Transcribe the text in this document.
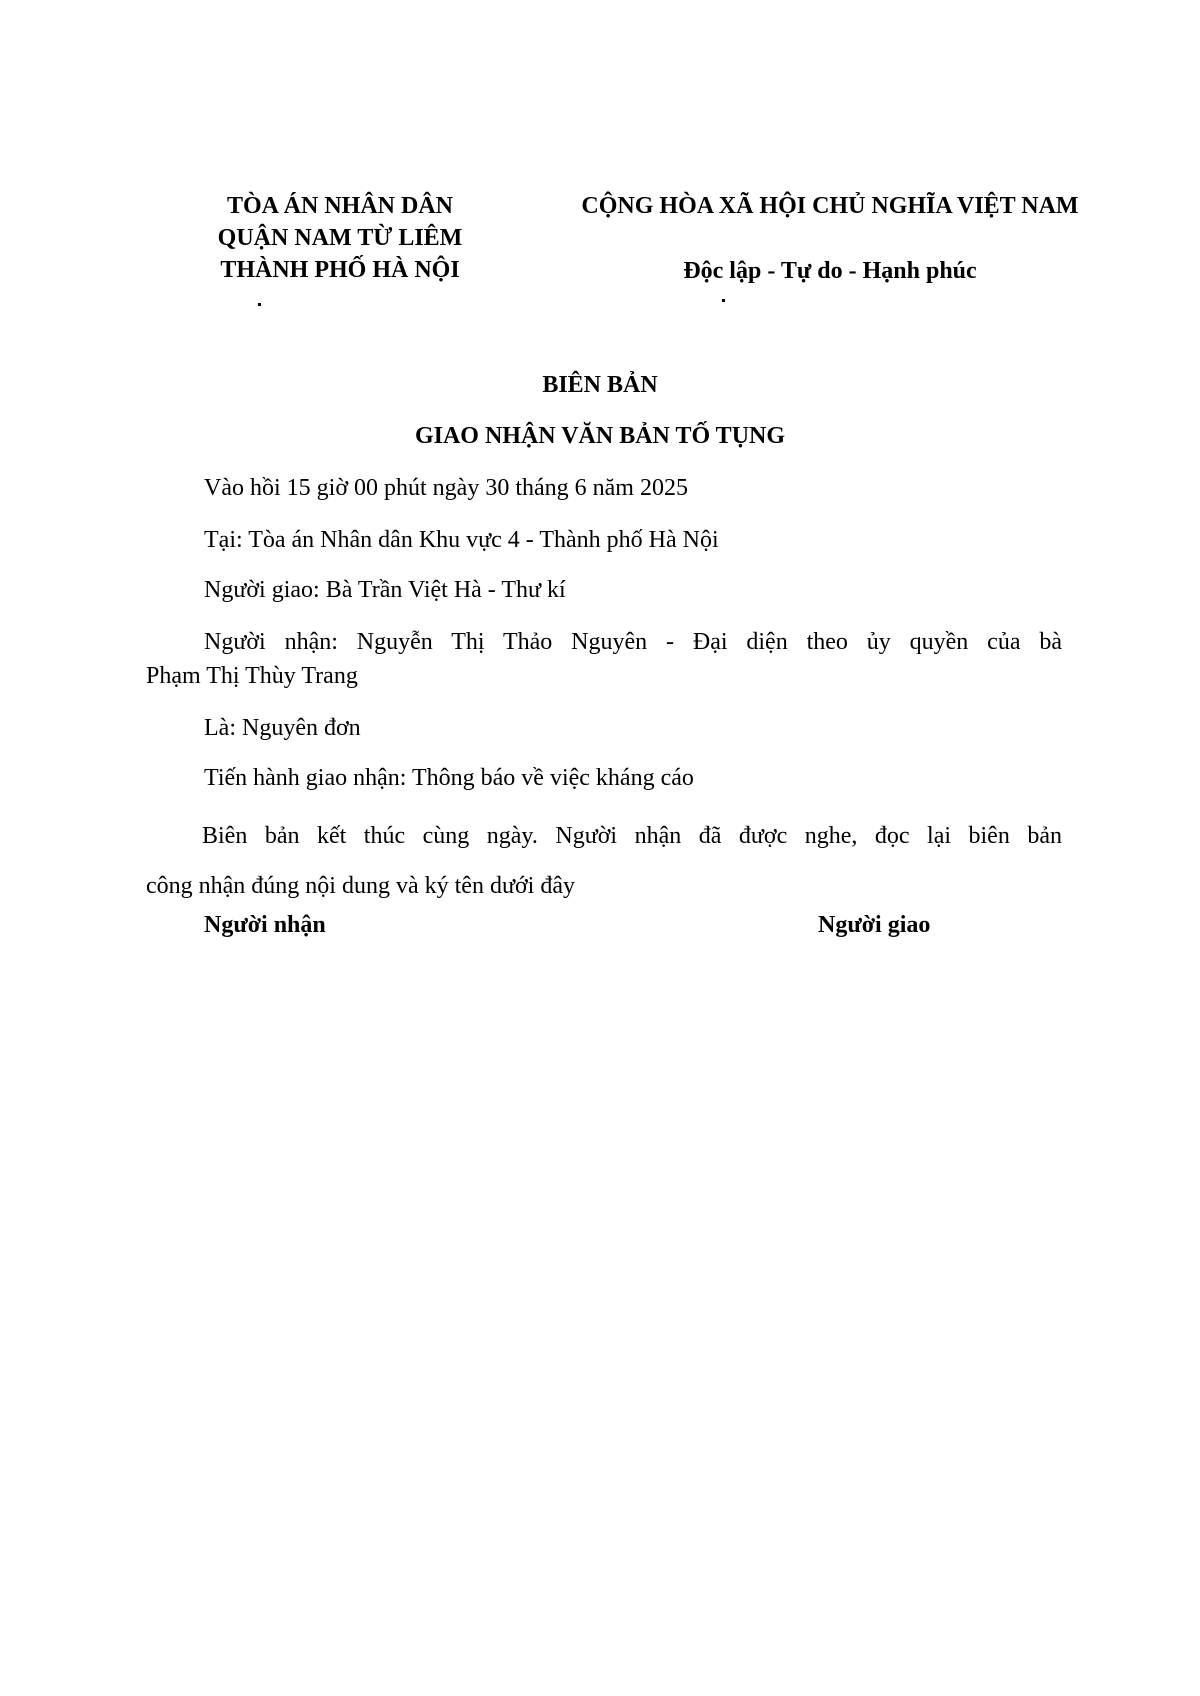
TÒA ÁN NHÂN DÂN
QUẬN NAM TỪ LIÊM
THÀNH PHỐ HÀ NỘI
CỘNG HÒA XÃ HỘI CHỦ NGHĨA VIỆT NAM
Độc lập - Tự do - Hạnh phúc
BIÊN BẢN
GIAO NHẬN VĂN BẢN TỐ TỤNG
Vào hồi 15 giờ 00 phút ngày 30 tháng 6 năm 2025
Tại: Tòa án Nhân dân Khu vực 4 - Thành phố Hà Nội
Người giao: Bà Trần Việt Hà - Thư kí
Người nhận: Nguyễn Thị Thảo Nguyên - Đại diện theo ủy quyền của bà
Phạm Thị Thùy Trang
Là: Nguyên đơn
Tiến hành giao nhận: Thông báo về việc kháng cáo
Biên bản kết thúc cùng ngày. Người nhận đã được nghe, đọc lại biên bản
công nhận đúng nội dung và ký tên dưới đây
Người nhận	Người giao
